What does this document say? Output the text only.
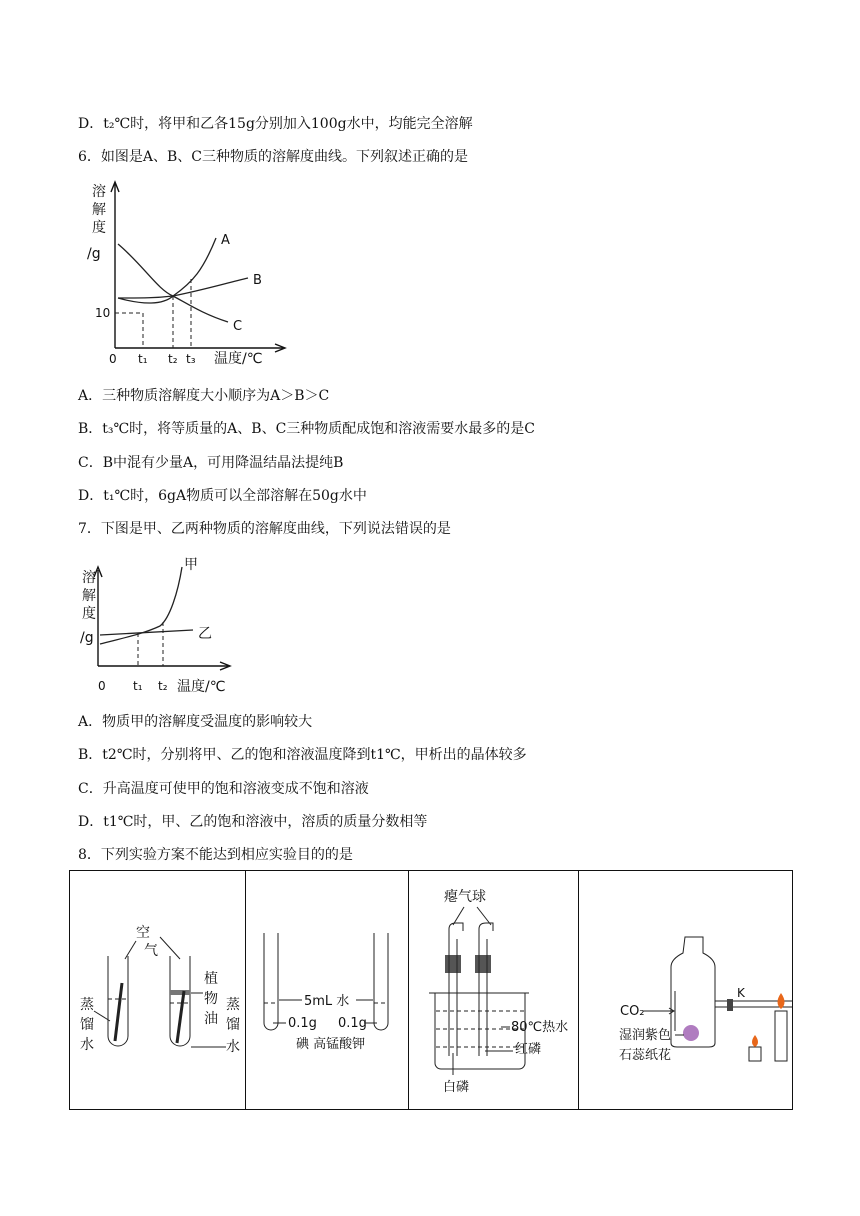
D．t₂℃时，将甲和乙各15g分别加入100g水中，均能完全溶解
6．如图是A、B、C三种物质的溶解度曲线。下列叙述正确的是
溶
解
度
/g
A
B
C
10
0 t₁ t₂ t₃ 温度/℃
A．三种物质溶解度大小顺序为A＞B＞C
B．t₃℃时，将等质量的A、B、C三种物质配成饱和溶液需要水最多的是C
C．B中混有少量A，可用降温结晶法提纯B
D．t₁℃时，6gA物质可以全部溶解在50g水中
7．下图是甲、乙两种物质的溶解度曲线，下列说法错误的是
溶
解
度
/g
甲
乙
0 t₁ t₂ 温度/℃
A．物质甲的溶解度受温度的影响较大
B．t2℃时，分别将甲、乙的饱和溶液温度降到t1℃，甲析出的晶体较多
C．升高温度可使甲的饱和溶液变成不饱和溶液
D．t1℃时，甲、乙的饱和溶液中，溶质的质量分数相等
8．下列实验方案不能达到相应实验目的的是
空
气
蒸
馏
水
植
物
油
蒸
馏
水
5mL 水
0.1g 0.1g
碘 高锰酸钾
瘪气球
80℃热水
红磷
白磷
CO₂
K
湿润紫色
石蕊纸花
